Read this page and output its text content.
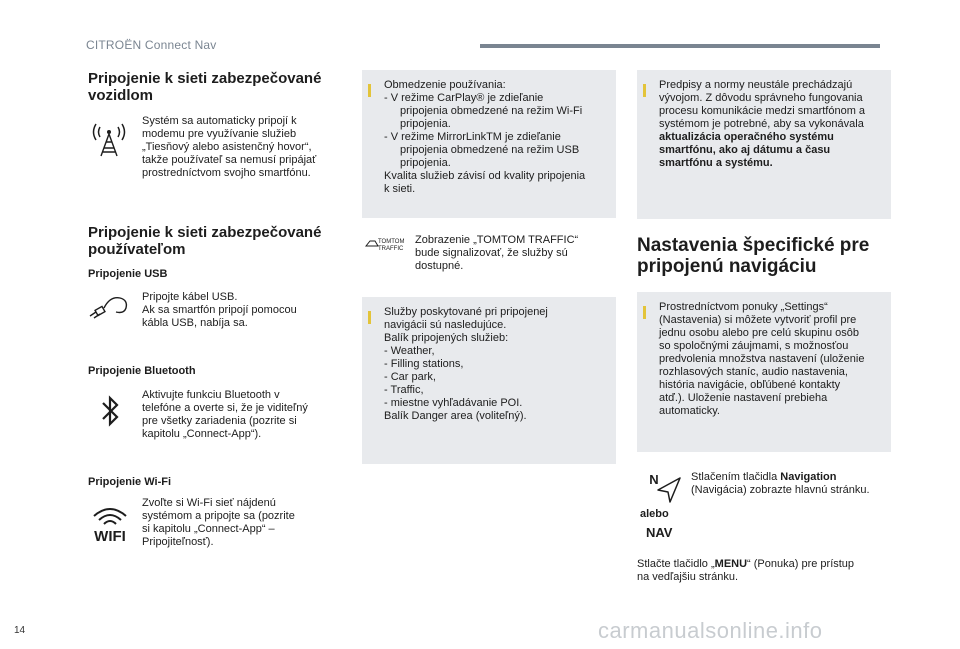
CITROËN Connect Nav
Pripojenie k sieti zabezpečované
vozidlom
Systém sa automaticky pripojí k
modemu pre využívanie služieb
„Tiesňový alebo asistenčný hovor“,
takže používateľ sa nemusí pripájať
prostredníctvom svojho smartfónu.
Pripojenie k sieti zabezpečované
používateľom
Pripojenie USB
Pripojte kábel USB.
Ak sa smartfón pripojí pomocou
kábla USB, nabíja sa.
Pripojenie Bluetooth
Aktivujte funkciu Bluetooth v
telefóne a overte si, že je viditeľný
pre všetky zariadenia (pozrite si
kapitolu „Connect-App“).
Pripojenie Wi-Fi
WIFI
Zvoľte si Wi-Fi sieť nájdenú
systémom a pripojte sa (pozrite
si kapitolu „Connect-App“ –
Pripojiteľnosť).
Obmedzenie používania:
- V režime CarPlay® je zdieľanie
pripojenia obmedzené na režim Wi-Fi
pripojenia.
- V režime MirrorLinkTM je zdieľanie
pripojenia obmedzené na režim USB
pripojenia.
Kvalita služieb závisí od kvality pripojenia
k sieti.
TOMTOM
TRAFFIC
Zobrazenie „TOMTOM TRAFFIC“
bude signalizovať, že služby sú
dostupné.
Služby poskytované pri pripojenej
navigácii sú nasledujúce.
Balík pripojených služieb:
- Weather,
- Filling stations,
- Car park,
- Traffic,
- miestne vyhľadávanie POI.
Balík Danger area (voliteľný).
Predpisy a normy neustále prechádzajú
vývojom. Z dôvodu správneho fungovania
procesu komunikácie medzi smartfónom a
systémom je potrebné, aby sa vykonávala
aktualizácia operačného systému
smartfónu, ako aj dátumu a času
smartfónu a systému.
Nastavenia špecifické pre
pripojenú navigáciu
Prostredníctvom ponuky „Settings“
(Nastavenia) si môžete vytvoriť profil pre
jednu osobu alebo pre celú skupinu osôb
so spoločnými záujmami, s možnosťou
predvolenia množstva nastavení (uloženie
rozhlasových staníc, audio nastavenia,
história navigácie, obľúbené kontakty
atď.). Uloženie nastavení prebieha
automaticky.
N
alebo
NAV
Stlačením tlačidla Navigation
(Navigácia) zobrazte hlavnú stránku.
Stlačte tlačidlo „MENU“ (Ponuka) pre prístup
na vedľajšiu stránku.
14	carmanualsonline.info
